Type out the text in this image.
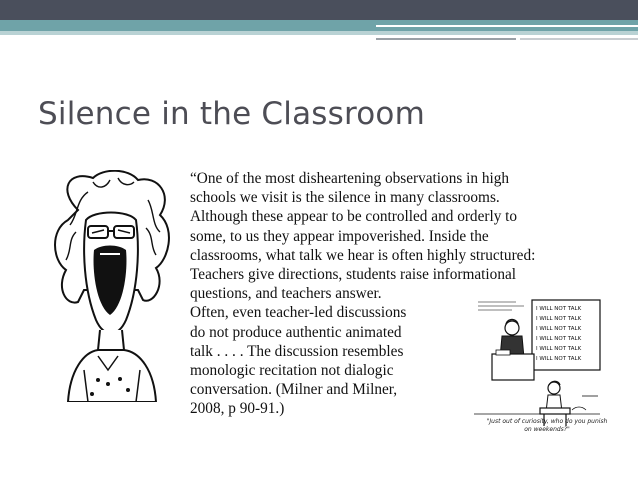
Silence in the Classroom
“One of the most disheartening observations in high
schools we visit is the silence in many classrooms.
Although these appear to be controlled and orderly to
some, to us they appear impoverished. Inside the
classrooms, what talk we hear is often highly structured:
Teachers give directions, students raise informational
questions, and teachers answer.
Often, even teacher-led discussions
do not produce authentic animated
talk . . . . The discussion resembles
monologic recitation not dialogic
conversation. (Milner and Milner,
2008, p 90-91.)
I WILL NOT TALK
I WILL NOT TALK
I WILL NOT TALK
I WILL NOT TALK
I WILL NOT TALK
I WILL NOT TALK

"Just out of curiosity, who do you punish
on weekends?"
